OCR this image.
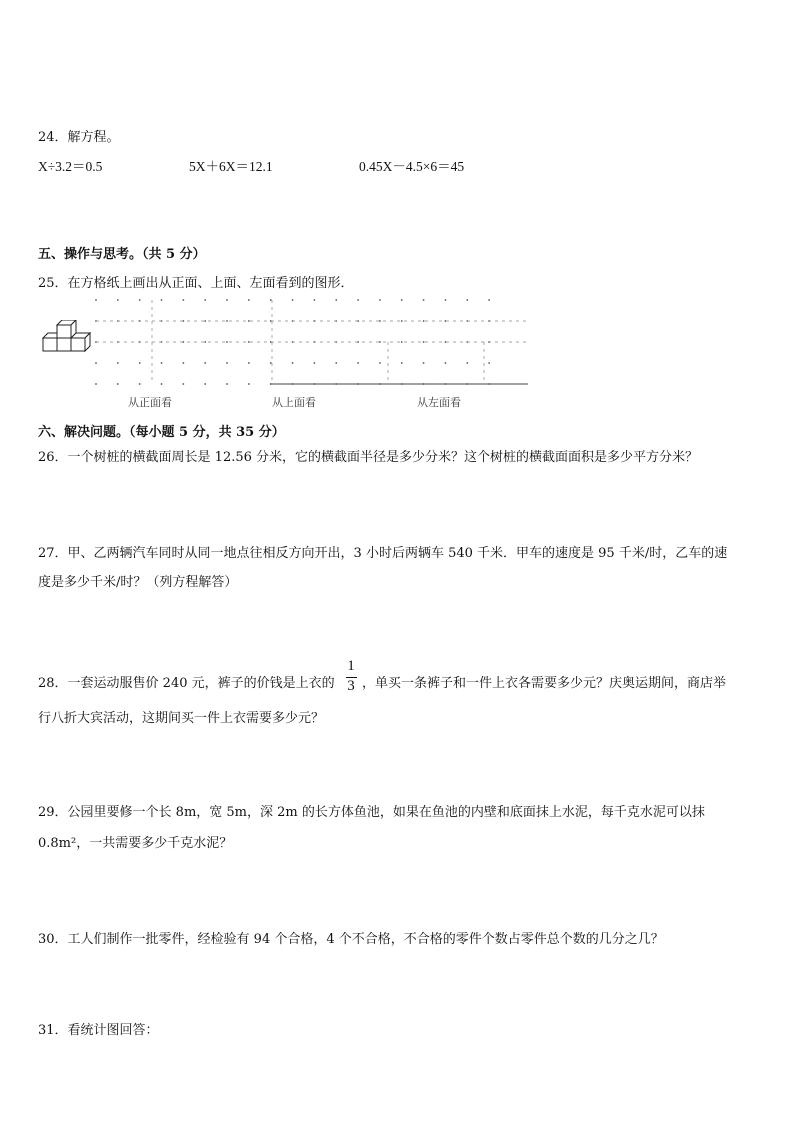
24．解方程。
X÷3.2＝0.5	5X＋6X＝12.1	0.45X－4.5×6＝45
五、操作与思考。（共 5 分）
25．在方格纸上画出从正面、上面、左面看到的图形．
从正面看	从上面看	从左面看
六、解决问题。（每小题 5 分，共 35 分）
26．一个树桩的横截面周长是 12.56 分米，它的横截面半径是多少分米？这个树桩的横截面面积是多少平方分米？
27．甲、乙两辆汽车同时从同一地点往相反方向开出，3 小时后两辆车 540 千米．甲车的速度是 95 千米/时，乙车的速
度是多少千米/时？（列方程解答）
28．一套运动服售价 240 元，裤子的价钱是上衣的
1
3 ，单买一条裤子和一件上衣各需要多少元？庆奥运期间，商店举
行八折大宾活动，这期间买一件上衣需要多少元？
29．公园里要修一个长 8m，宽 5m，深 2m 的长方体鱼池，如果在鱼池的内壁和底面抹上水泥，每千克水泥可以抹
0.8m²，一共需要多少千克水泥？
30．工人们制作一批零件，经检验有 94 个合格，4 个不合格，不合格的零件个数占零件总个数的几分之几？
31．看统计图回答：
